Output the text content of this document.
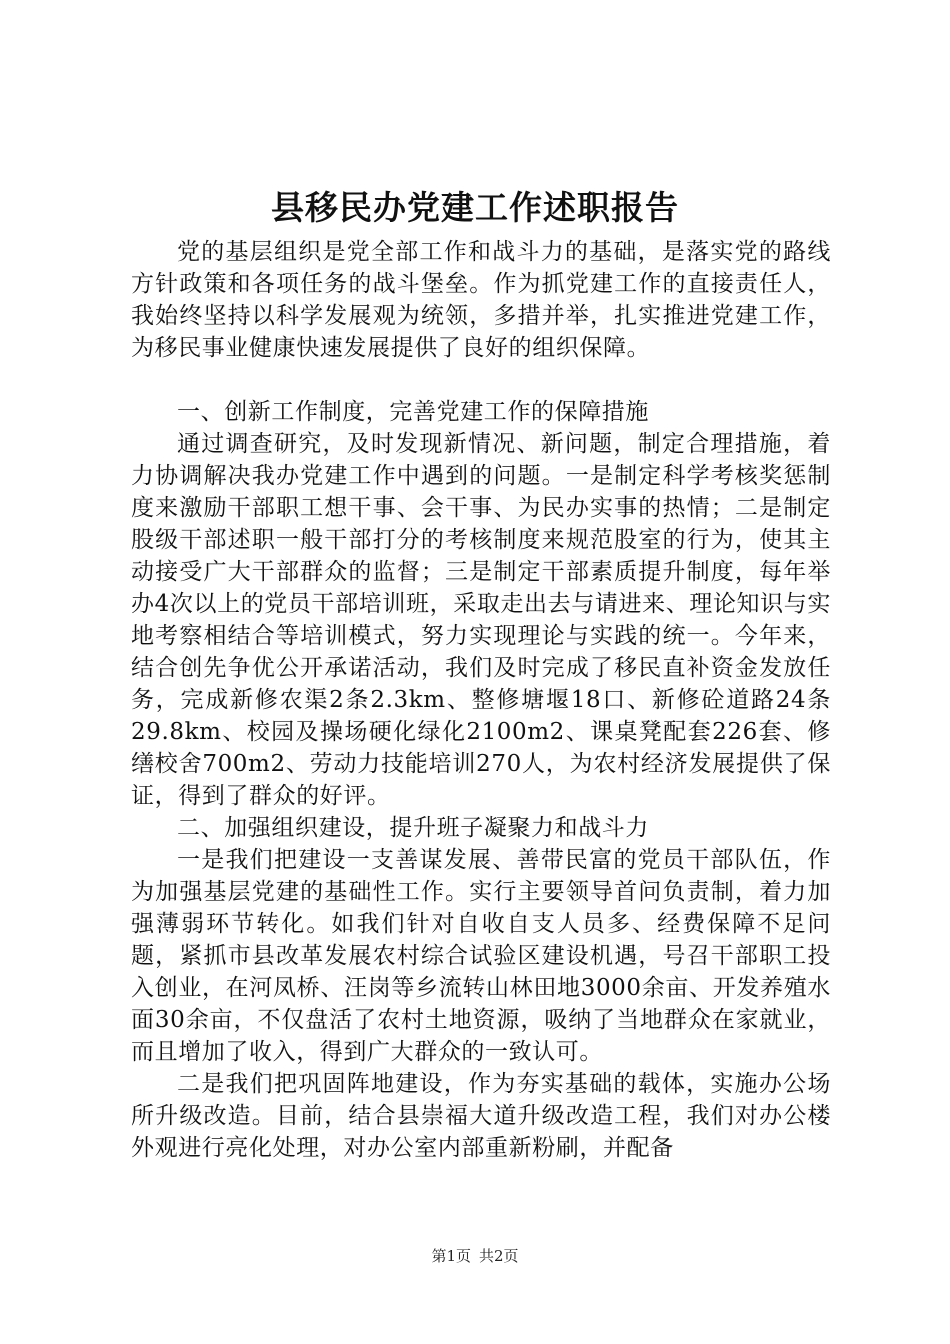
县移民办党建工作述职报告

党的基层组织是党全部工作和战斗力的基础，是落实党的路线方针政策和各项任务的战斗堡垒。作为抓党建工作的直接责任人，我始终坚持以科学发展观为统领，多措并举，扎实推进党建工作，为移民事业健康快速发展提供了良好的组织保障。

一、创新工作制度，完善党建工作的保障措施

通过调查研究，及时发现新情况、新问题，制定合理措施，着力协调解决我办党建工作中遇到的问题。一是制定科学考核奖惩制度来激励干部职工想干事、会干事、为民办实事的热情；二是制定股级干部述职一般干部打分的考核制度来规范股室的行为，使其主动接受广大干部群众的监督；三是制定干部素质提升制度，每年举办4次以上的党员干部培训班，采取走出去与请进来、理论知识与实地考察相结合等培训模式，努力实现理论与实践的统一。今年来，结合创先争优公开承诺活动，我们及时完成了移民直补资金发放任务，完成新修农渠2条2.3km、整修塘堰18口、新修砼道路24条29.8km、校园及操场硬化绿化2100m2、课桌凳配套226套、修缮校舍700m2、劳动力技能培训270人，为农村经济发展提供了保证，得到了群众的好评。

二、加强组织建设，提升班子凝聚力和战斗力

一是我们把建设一支善谋发展、善带民富的党员干部队伍，作为加强基层党建的基础性工作。实行主要领导首问负责制，着力加强薄弱环节转化。如我们针对自收自支人员多、经费保障不足问题，紧抓市县改革发展农村综合试验区建设机遇，号召干部职工投入创业，在河凤桥、汪岗等乡流转山林田地3000余亩、开发养殖水面30余亩，不仅盘活了农村土地资源，吸纳了当地群众在家就业，而且增加了收入，得到广大群众的一致认可。

二是我们把巩固阵地建设，作为夯实基础的载体，实施办公场所升级改造。目前，结合县崇福大道升级改造工程，我们对办公楼外观进行亮化处理，对办公室内部重新粉刷，并配备

第1页 共2页
